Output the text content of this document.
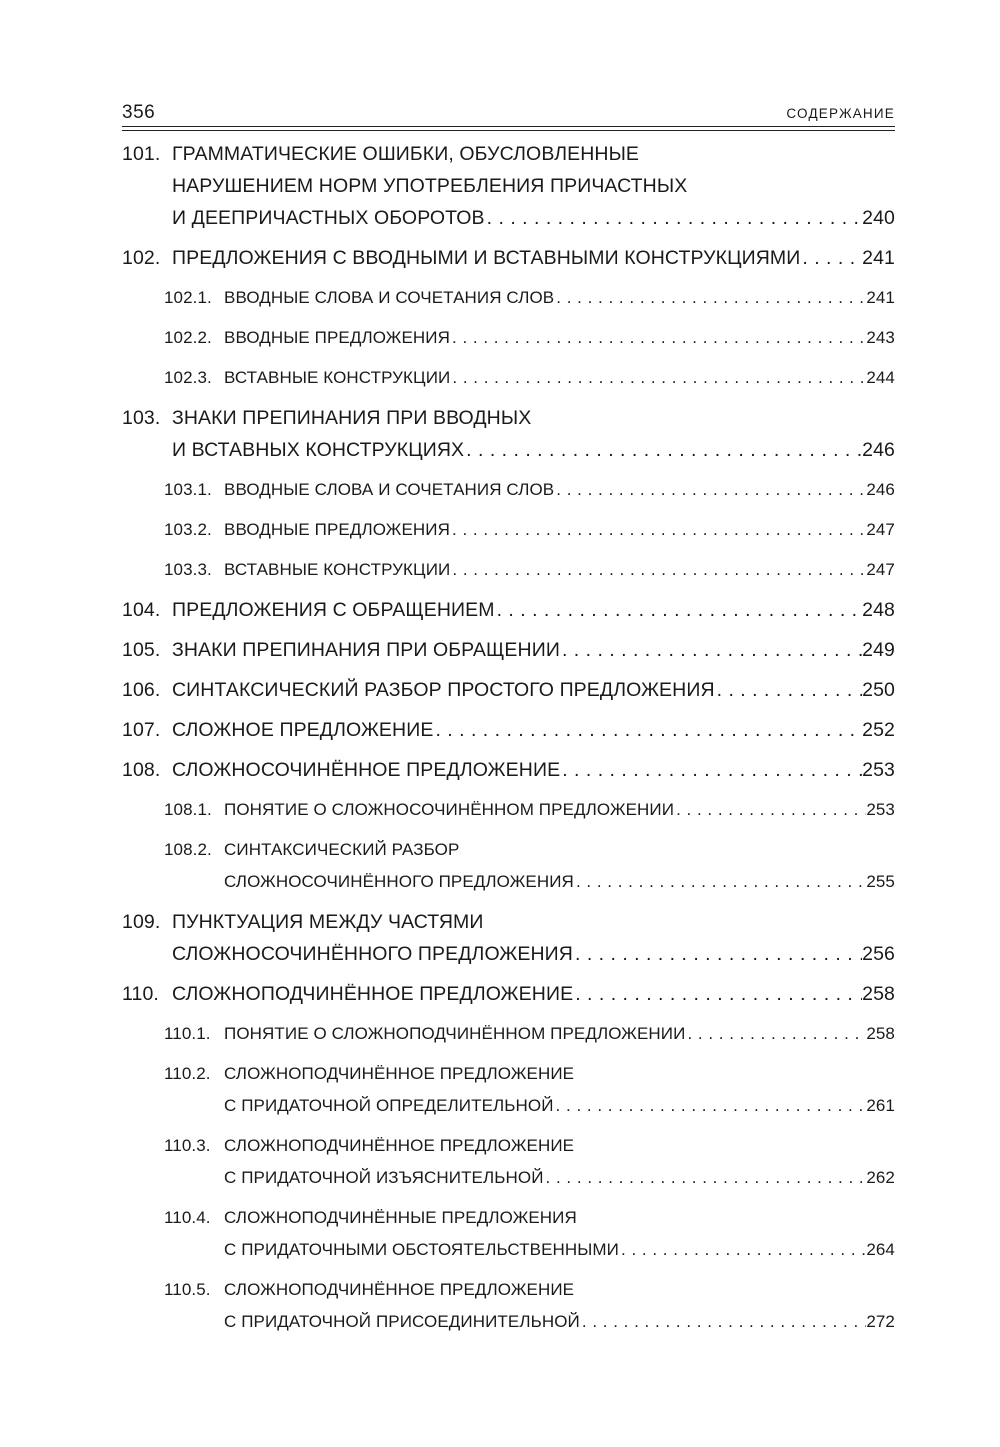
356	СОДЕРЖАНИЕ
101. ГРАММАТИЧЕСКИЕ ОШИБКИ, ОБУСЛОВЛЕННЫЕ
НАРУШЕНИЕМ НОРМ УПОТРЕБЛЕНИЯ ПРИЧАСТНЫХ
И ДЕЕПРИЧАСТНЫХ ОБОРОТОВ . . .	240
102. ПРЕДЛОЖЕНИЯ С ВВОДНЫМИ И ВСТАВНЫМИ КОНСТРУКЦИЯМИ . . .	241
102.1. ВВОДНЫЕ СЛОВА И СОЧЕТАНИЯ СЛОВ . . .	241
102.2. ВВОДНЫЕ ПРЕДЛОЖЕНИЯ . . .	243
102.3. ВСТАВНЫЕ КОНСТРУКЦИИ . . .	244
103. ЗНАКИ ПРЕПИНАНИЯ ПРИ ВВОДНЫХ
И ВСТАВНЫХ КОНСТРУКЦИЯХ . . .	246
103.1. ВВОДНЫЕ СЛОВА И СОЧЕТАНИЯ СЛОВ . . .	246
103.2. ВВОДНЫЕ ПРЕДЛОЖЕНИЯ . . .	247
103.3. ВСТАВНЫЕ КОНСТРУКЦИИ . . .	247
104. ПРЕДЛОЖЕНИЯ С ОБРАЩЕНИЕМ . . .	248
105. ЗНАКИ ПРЕПИНАНИЯ ПРИ ОБРАЩЕНИИ . . .	249
106. СИНТАКСИЧЕСКИЙ РАЗБОР ПРОСТОГО ПРЕДЛОЖЕНИЯ . . .	250
107. СЛОЖНОЕ ПРЕДЛОЖЕНИЕ . . .	252
108. СЛОЖНОСОЧИНЁННОЕ ПРЕДЛОЖЕНИЕ . . .	253
108.1. ПОНЯТИЕ О СЛОЖНОСОЧИНЁННОМ ПРЕДЛОЖЕНИИ . . .	253
108.2. СИНТАКСИЧЕСКИЙ РАЗБОР
СЛОЖНОСОЧИНЁННОГО ПРЕДЛОЖЕНИЯ . . .	255
109. ПУНКТУАЦИЯ МЕЖДУ ЧАСТЯМИ
СЛОЖНОСОЧИНЁННОГО ПРЕДЛОЖЕНИЯ . . .	256
110. СЛОЖНОПОДЧИНЁННОЕ ПРЕДЛОЖЕНИЕ . . .	258
110.1. ПОНЯТИЕ О СЛОЖНОПОДЧИНЁННОМ ПРЕДЛОЖЕНИИ . . .	258
110.2. СЛОЖНОПОДЧИНЁННОЕ ПРЕДЛОЖЕНИЕ
С ПРИДАТОЧНОЙ ОПРЕДЕЛИТЕЛЬНОЙ . . .	261
110.3. СЛОЖНОПОДЧИНЁННОЕ ПРЕДЛОЖЕНИЕ
С ПРИДАТОЧНОЙ ИЗЪЯСНИТЕЛЬНОЙ . . .	262
110.4. СЛОЖНОПОДЧИНЁННЫЕ ПРЕДЛОЖЕНИЯ
С ПРИДАТОЧНЫМИ ОБСТОЯТЕЛЬСТВЕННЫМИ . . .	264
110.5. СЛОЖНОПОДЧИНЁННОЕ ПРЕДЛОЖЕНИЕ
С ПРИДАТОЧНОЙ ПРИСОЕДИНИТЕЛЬНОЙ . . .	272
